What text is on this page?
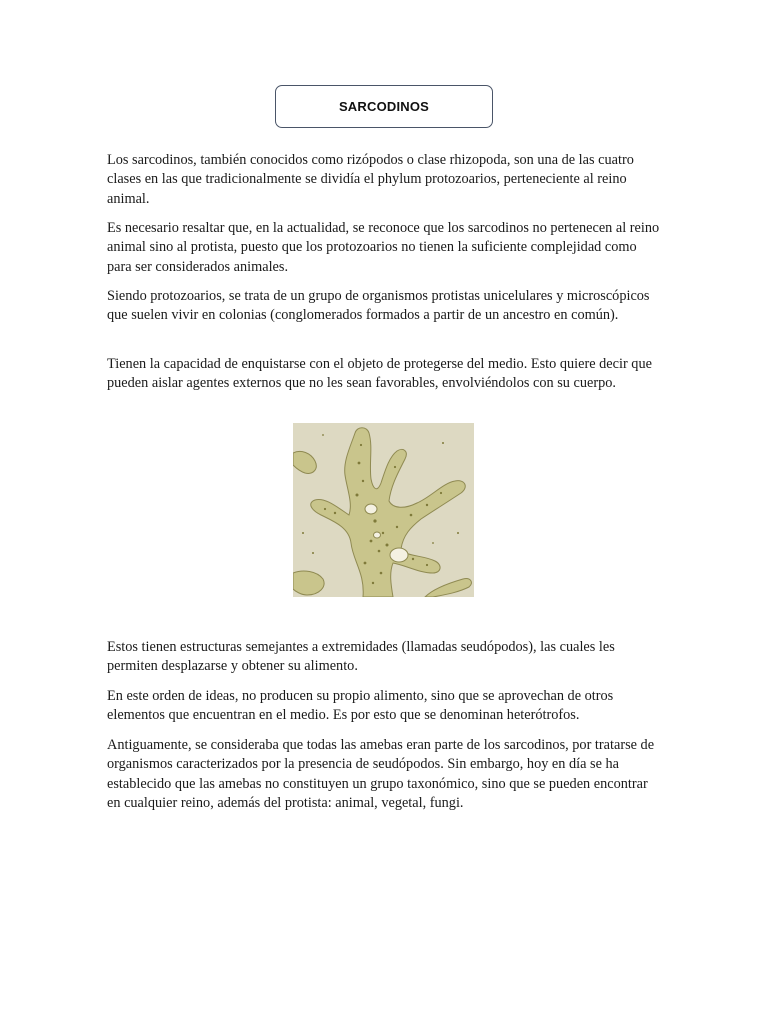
SARCODINOS

Los sarcodinos, también conocidos como rizópodos o clase rhizopoda, son una de las cuatro clases en las que tradicionalmente se dividía el phylum protozoarios, perteneciente al reino animal.

Es necesario resaltar que, en la actualidad, se reconoce que los sarcodinos no pertenecen al reino animal sino al protista, puesto que los protozoarios no tienen la suficiente complejidad como para ser considerados animales.

Siendo protozoarios, se trata de un grupo de organismos protistas unicelulares y microscópicos que suelen vivir en colonias (conglomerados formados a partir de un ancestro en común).

Tienen la capacidad de enquistarse con el objeto de protegerse del medio. Esto quiere decir que pueden aislar agentes externos que no les sean favorables, envolviéndolos con su cuerpo.

Estos tienen estructuras semejantes a extremidades (llamadas seudópodos), las cuales les permiten desplazarse y obtener su alimento.

En este orden de ideas, no producen su propio alimento, sino que se aprovechan de otros elementos que encuentran en el medio. Es por esto que se denominan heterótrofos.

Antiguamente, se consideraba que todas las amebas eran parte de los sarcodinos, por tratarse de organismos caracterizados por la presencia de seudópodos. Sin embargo, hoy en día se ha establecido que las amebas no constituyen un grupo taxonómico, sino que se pueden encontrar en cualquier reino, además del protista: animal, vegetal, fungi.
